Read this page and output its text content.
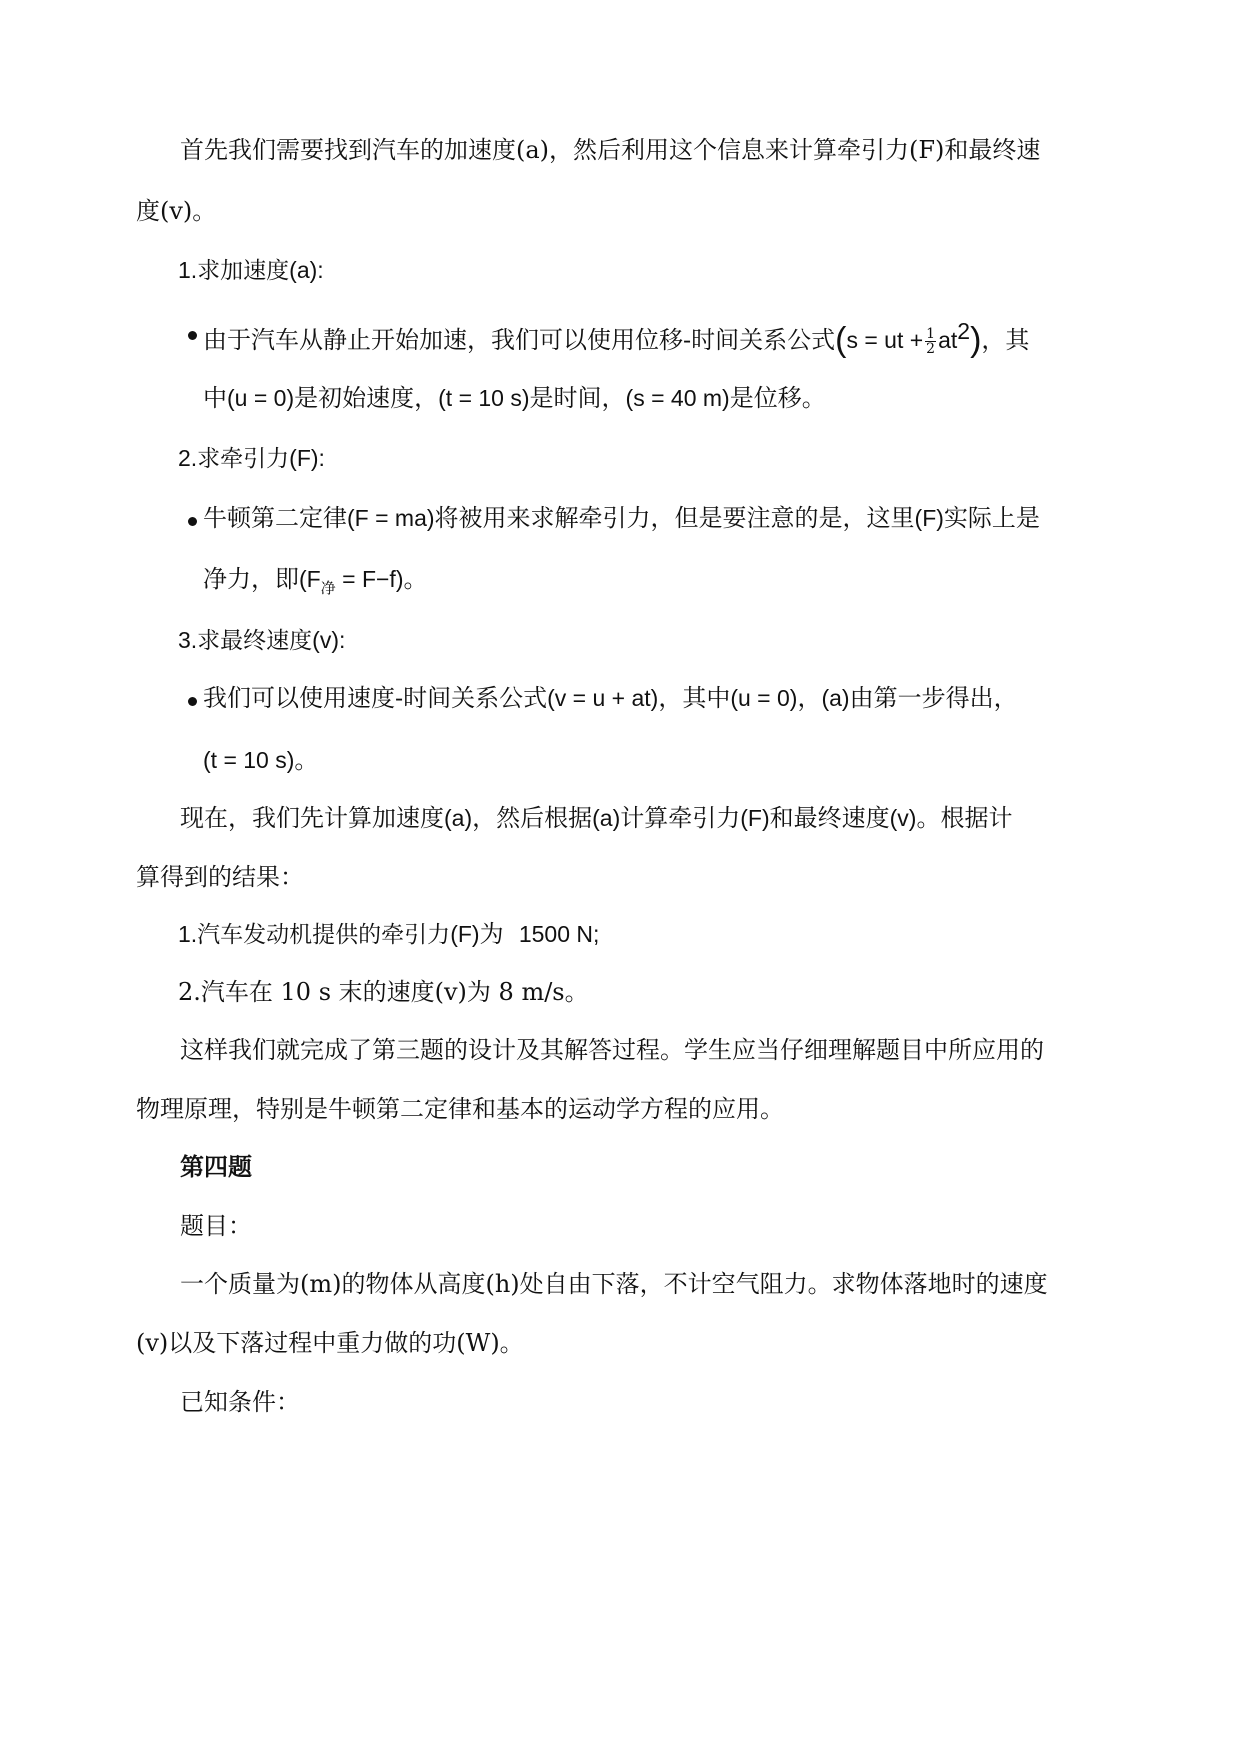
首先我们需要找到汽车的加速度(a)，然后利用这个信息来计算牵引力(F)和最终速
度(v)。
1.求加速度(a):
由于汽车从静止开始加速，我们可以使用位移-时间关系公式(s = ut + $\frac{1}{2} at^2$)，其
中(u = 0)是初始速度，(t = 10 s)是时间，(s = 40 m)是位移。
2.求牵引力(F):
牛顿第二定律(F = ma)将被用来求解牵引力，但是要注意的是，这里(F)实际上是
净力，即$(F_净 = F-f)$。
3.求最终速度(v):
我们可以使用速度-时间关系公式(v = u + at)，其中(u = 0)，(a)由第一步得出，
(t = 10 s)。
现在，我们先计算加速度(a)，然后根据(a)计算牵引力(F)和最终速度(v)。根据计
算得到的结果：
1.汽车发动机提供的牵引力(F)为 1500 N;
2.汽车在 10 s 末的速度(v)为 8 m/s。
这样我们就完成了第三题的设计及其解答过程。学生应当仔细理解题目中所应用的
物理原理，特别是牛顿第二定律和基本的运动学方程的应用。
第四题
题目：
一个质量为(m)的物体从高度(h)处自由下落，不计空气阻力。求物体落地时的速度
(v)以及下落过程中重力做的功(W)。
已知条件：
